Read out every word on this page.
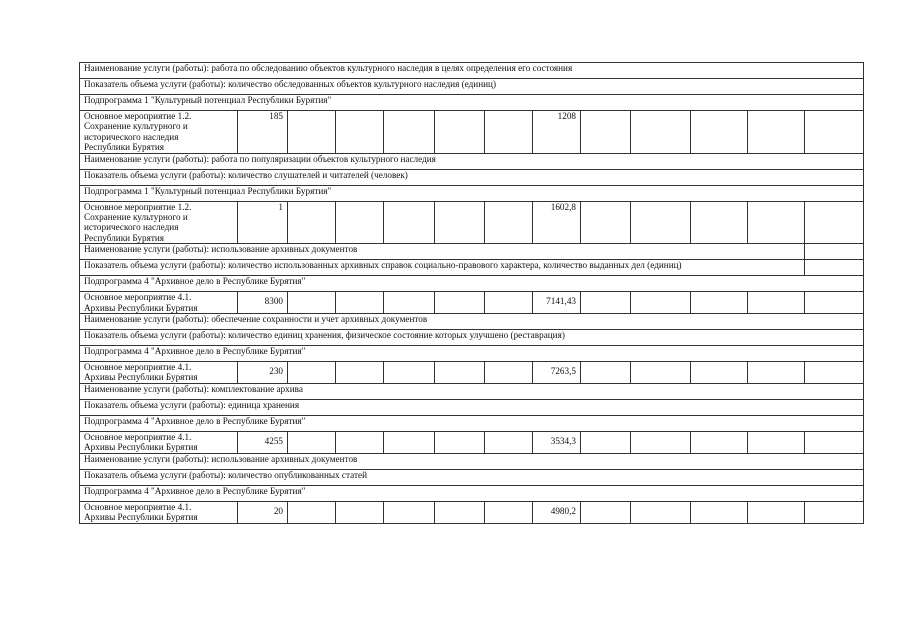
Наименование услуги (работы): работа по обследованию объектов культурного наследия в целях определения его состояния												
Показатель объема услуги (работы): количество обследованных объектов культурного наследия (единиц)												
Подпрограмма 1 "Культурный потенциал Республики Бурятия"												

Основное мероприятие 1.2.
Сохранение культурного и
исторического наследия
Республики Бурятия	185						1208					
Наименование услуги (работы): работа по популяризации объектов культурного наследия												
Показатель объема услуги (работы): количество слушателей и читателей (человек)												
Подпрограмма 1 "Культурный потенциал Республики Бурятия"												

Основное мероприятие 1.2.
Сохранение культурного и
исторического наследия
Республики Бурятия	1						1602,8					
Наименование услуги (работы): использование архивных документов												
Показатель объема услуги (работы): количество использованных архивных справок социально-правового характера, количество выданных дел (единиц)												
Подпрограмма 4 "Архивное дело в Республике Бурятия"												

Основное мероприятие 4.1.
Архивы Республики Бурятия	8300						7141,43					
Наименование услуги (работы): обеспечение сохранности и учет архивных документов												
Показатель объема услуги (работы): количество единиц хранения, физическое состояние которых улучшено (реставрация)												
Подпрограмма 4 "Архивное дело в Республике Бурятия"												

Основное мероприятие 4.1.
Архивы Республики Бурятия	230						7263,5					
Наименование услуги (работы): комплектование архива												
Показатель объема услуги (работы): единица хранения												
Подпрограмма 4 "Архивное дело в Республике Бурятия"												

Основное мероприятие 4.1.
Архивы Республики Бурятия	4255						3534,3					
Наименование услуги (работы): использование архивных документов												
Показатель объема услуги (работы): количество опубликованных статей												
Подпрограмма 4 "Архивное дело в Республике Бурятия"												

Основное мероприятие 4.1.
Архивы Республики Бурятия	20						4980,2					
